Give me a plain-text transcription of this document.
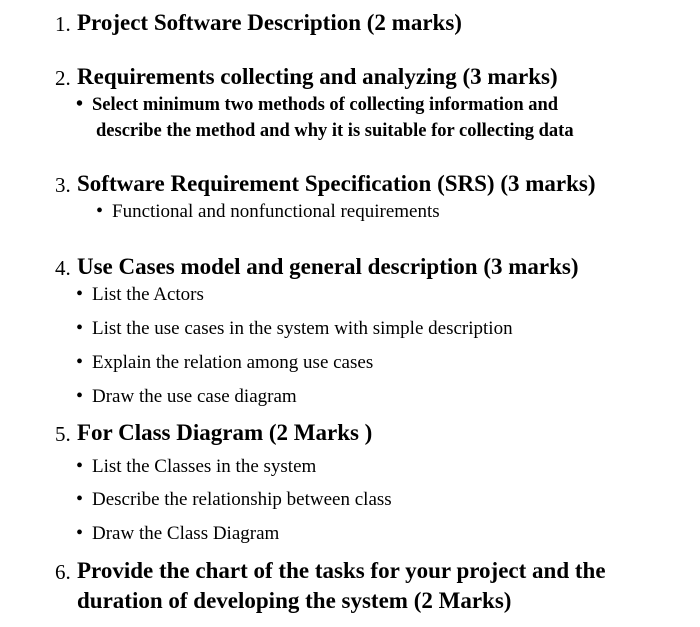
1. Project Software Description (2 marks)
2. Requirements collecting and analyzing (3 marks)
• Select minimum two methods of collecting information and
describe the method and why it is suitable for collecting data
3. Software Requirement Specification (SRS) (3 marks)
• Functional and nonfunctional requirements
4. Use Cases model and general description (3 marks)
• List the Actors
• List the use cases in the system with simple description
• Explain the relation among use cases
• Draw the use case diagram
5. For Class Diagram (2 Marks )
• List the Classes in the system
• Describe the relationship between class
• Draw the Class Diagram
6. Provide the chart of the tasks for your project and the
duration of developing the system (2 Marks)
